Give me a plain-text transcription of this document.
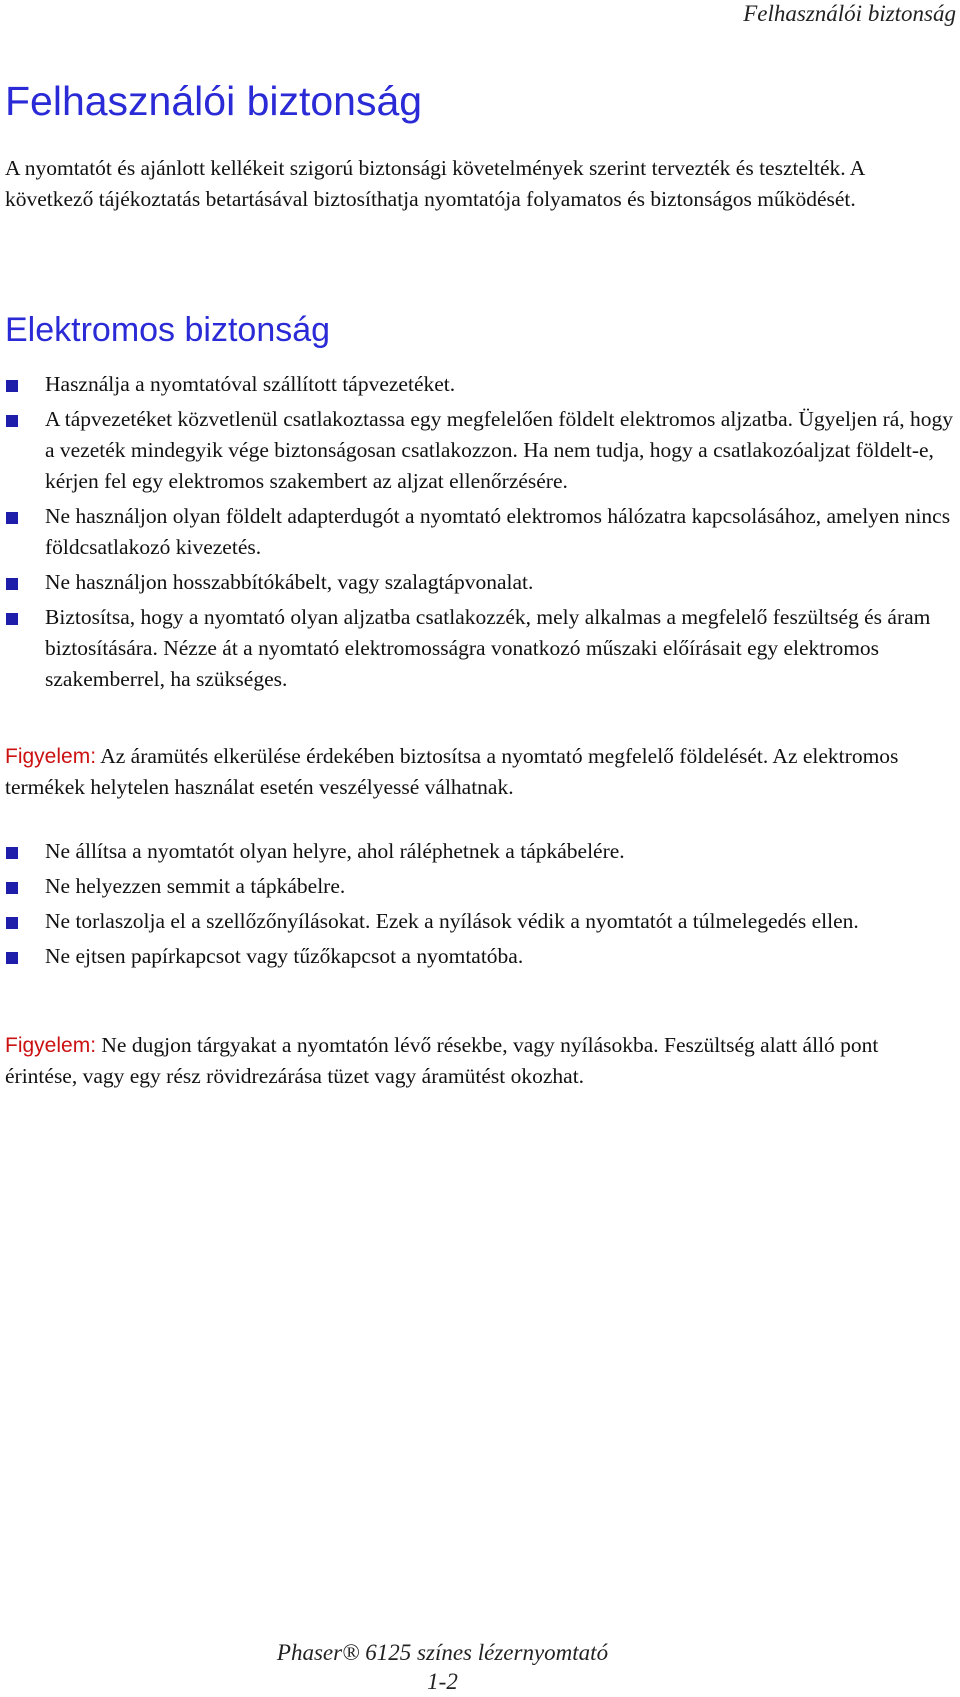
Felhasználói biztonság
Felhasználói biztonság

A nyomtatót és ajánlott kellékeit szigorú biztonsági követelmények szerint tervezték és tesztelték. A következő tájékoztatás betartásával biztosíthatja nyomtatója folyamatos és biztonságos működését.

Elektromos biztonság
Használja a nyomtatóval szállított tápvezetéket.
A tápvezetéket közvetlenül csatlakoztassa egy megfelelően földelt elektromos aljzatba. Ügyeljen rá, hogy a vezeték mindegyik vége biztonságosan csatlakozzon. Ha nem tudja, hogy a csatlakozóaljzat földelt-e, kérjen fel egy elektromos szakembert az aljzat ellenőrzésére.
Ne használjon olyan földelt adapterdugót a nyomtató elektromos hálózatra kapcsolásához, amelyen nincs földcsatlakozó kivezetés.
Ne használjon hosszabbítókábelt, vagy szalagtápvonalat.
Biztosítsa, hogy a nyomtató olyan aljzatba csatlakozzék, mely alkalmas a megfelelő feszültség és áram biztosítására. Nézze át a nyomtató elektromosságra vonatkozó műszaki előírásait egy elektromos szakemberrel, ha szükséges.

Figyelem: Az áramütés elkerülése érdekében biztosítsa a nyomtató megfelelő földelését. Az elektromos termékek helytelen használat esetén veszélyessé válhatnak.

Ne állítsa a nyomtatót olyan helyre, ahol ráléphetnek a tápkábelére.
Ne helyezzen semmit a tápkábelre.
Ne torlaszolja el a szellőzőnyílásokat. Ezek a nyílások védik a nyomtatót a túlmelegedés ellen.
Ne ejtsen papírkapcsot vagy tűzőkapcsot a nyomtatóba.

Figyelem: Ne dugjon tárgyakat a nyomtatón lévő résekbe, vagy nyílásokba. Feszültség alatt álló pont érintése, vagy egy rész rövidrezárása tüzet vagy áramütést okozhat.

Phaser® 6125 színes lézernyomtató
1-2
